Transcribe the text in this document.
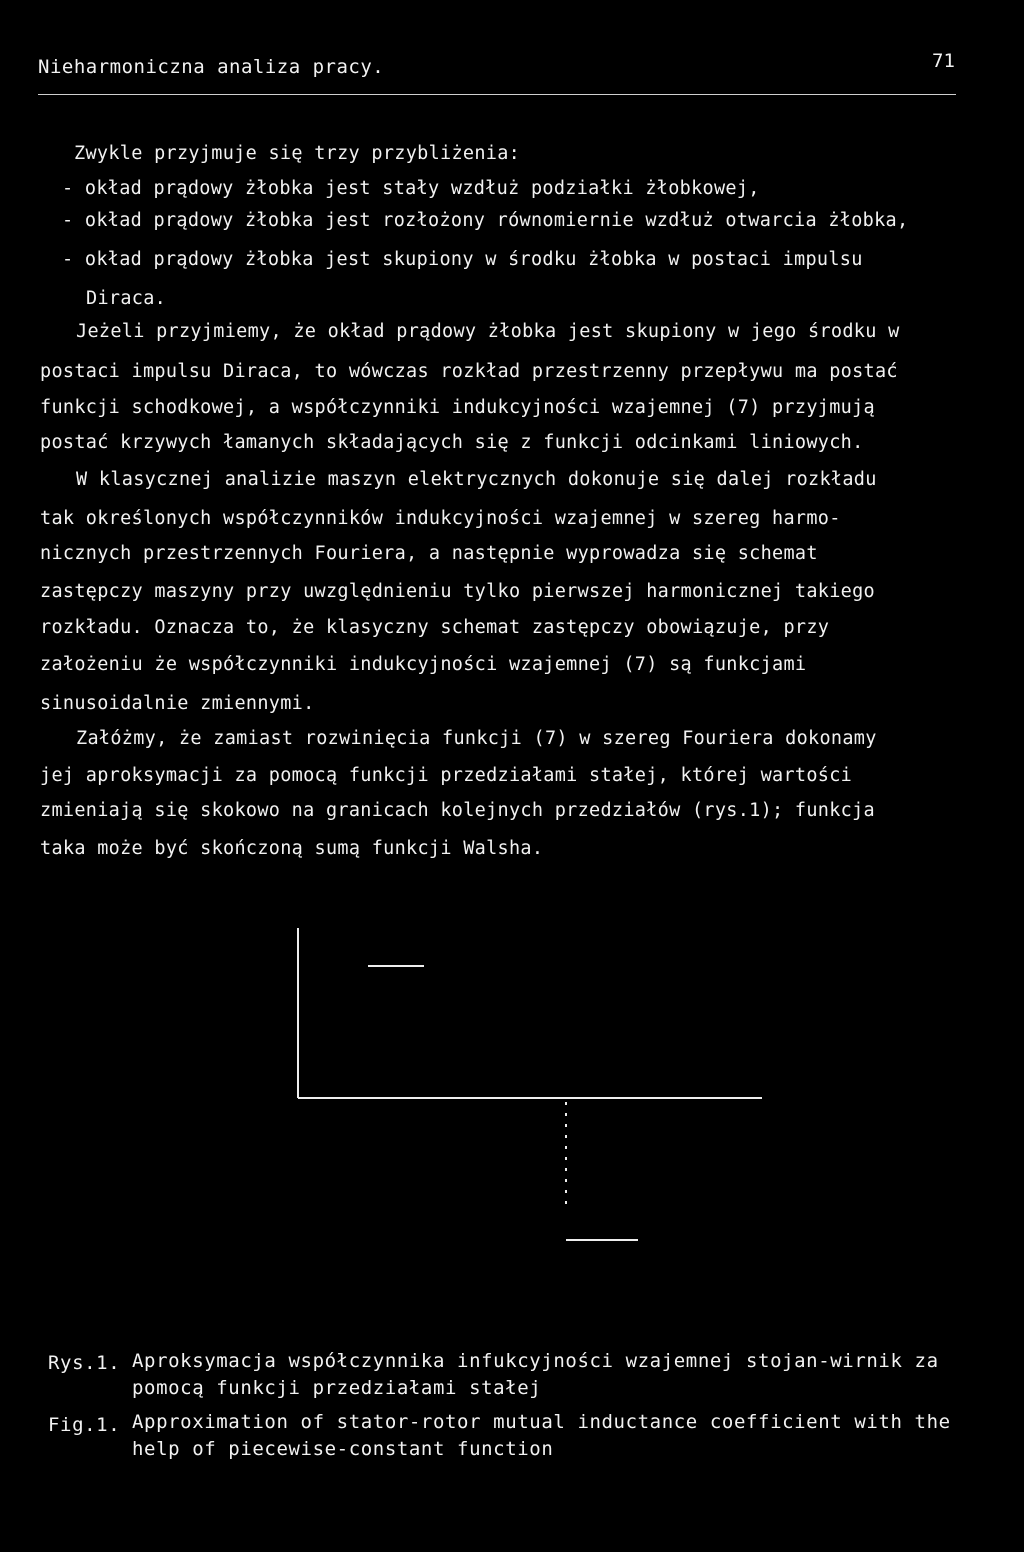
Nieharmoniczna analiza pracy.	71
Zwykle przyjmuje się trzy przybliżenia:
- okład prądowy żłobka jest stały wzdłuż podziałki żłobkowej,
- okład prądowy żłobka jest rozłożony równomiernie wzdłuż otwarcia żłobka,
- okład prądowy żłobka jest skupiony w środku żłobka w postaci impulsu
Diraca.
Jeżeli przyjmiemy, że okład prądowy żłobka jest skupiony w jego środku w
postaci impulsu Diraca, to wówczas rozkład przestrzenny przepływu ma postać
funkcji schodkowej, a współczynniki indukcyjności wzajemnej (7) przyjmują
postać krzywych łamanych składających się z funkcji odcinkami liniowych.
W klasycznej analizie maszyn elektrycznych dokonuje się dalej rozkładu
tak określonych współczynników indukcyjności wzajemnej w szereg harmo-
nicznych przestrzennych Fouriera, a następnie wyprowadza się schemat
zastępczy maszyny przy uwzględnieniu tylko pierwszej harmonicznej takiego
rozkładu. Oznacza to, że klasyczny schemat zastępczy obowiązuje, przy
założeniu że współczynniki indukcyjności wzajemnej (7) są funkcjami
sinusoidalnie zmiennymi.
Załóżmy, że zamiast rozwinięcia funkcji (7) w szereg Fouriera dokonamy
jej aproksymacji za pomocą funkcji przedziałami stałej, której wartości
zmieniają się skokowo na granicach kolejnych przedziałów (rys.1); funkcja
taka może być skończoną sumą funkcji Walsha.
Rys.1. Aproksymacja współczynnika infukcyjności wzajemnej stojan-wirnik za
pomocą funkcji przedziałami stałej
Fig.1. Approximation of stator-rotor mutual inductance coefficient with the
help of piecewise-constant function
